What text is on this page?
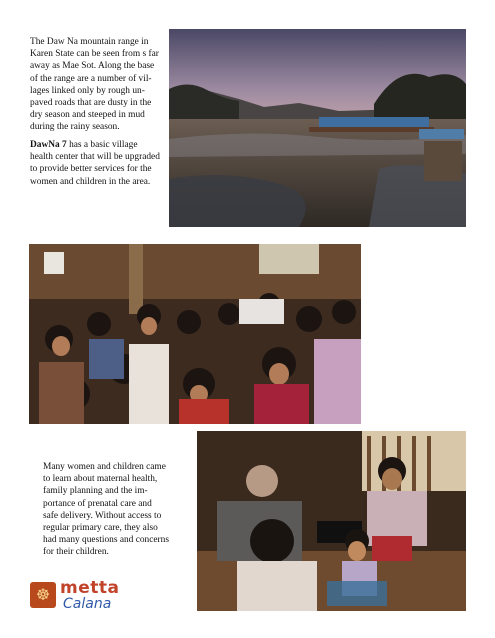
The Daw Na mountain range in

Karen State can be seen from s far

away as Mae Sot. Along the base

of the range are a number of vil-

lages linked only by rough un-

paved roads that are dusty in the

dry season and steeped in mud

during the rainy season.

DawNa 7 has a basic village

health center that will be upgraded

to provide better services for the

women and children in the area.

Many women and children came

to learn about maternal health,

family planning and the im-

portance of prenatal care and

safe delivery. Without access to

regular primary care, they also

had many questions and concerns

for their children.

☸ metta
Calana
